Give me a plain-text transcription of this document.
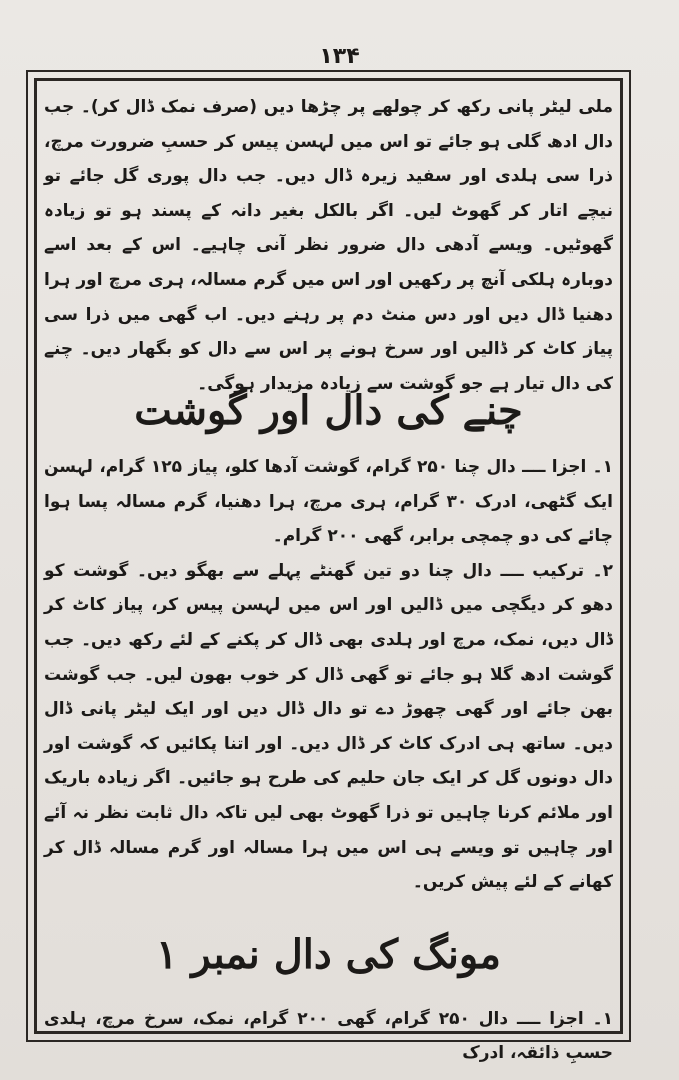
۱۳۴

ملی لیٹر پانی رکھ کر چولھے پر چڑھا دیں (صرف نمک ڈال کر)۔ جب دال ادھ گلی ہو جائے تو اس میں لہسن پیس کر حسبِ ضرورت مرچ، ذرا سی ہلدی اور سفید زیرہ ڈال دیں۔ جب دال پوری گل جائے تو نیچے اتار کر گھوٹ لیں۔ اگر بالکل بغیر دانہ کے پسند ہو تو زیادہ گھوٹیں۔ ویسے آدھی دال ضرور نظر آنی چاہیے۔ اس کے بعد اسے دوبارہ ہلکی آنچ پر رکھیں اور اس میں گرم مسالہ، ہری مرچ اور ہرا دھنیا ڈال دیں اور دس منٹ دم پر رہنے دیں۔ اب گھی میں ذرا سی پیاز کاٹ کر ڈالیں اور سرخ ہونے پر اس سے دال کو بگھار دیں۔ چنے کی دال تیار ہے جو گوشت سے زیادہ مزیدار ہوگی۔

چنے کی دال اور گوشت

۱۔ اجزا ــــ دال چنا ۲۵۰ گرام، گوشت آدھا کلو، پیاز ۱۲۵ گرام، لہسن ایک گٹھی، ادرک ۳۰ گرام، ہری مرچ، ہرا دھنیا، گرم مسالہ پسا ہوا چائے کی دو چمچی برابر، گھی ۲۰۰ گرام۔

۲۔ ترکیب ــــ دال چنا دو تین گھنٹے پہلے سے بھگو دیں۔ گوشت کو دھو کر دیگچی میں ڈالیں اور اس میں لہسن پیس کر، پیاز کاٹ کر ڈال دیں، نمک، مرچ اور ہلدی بھی ڈال کر پکنے کے لئے رکھ دیں۔ جب گوشت ادھ گلا ہو جائے تو گھی ڈال کر خوب بھون لیں۔ جب گوشت بھن جائے اور گھی چھوڑ دے تو دال ڈال دیں اور ایک لیٹر پانی ڈال دیں۔ ساتھ ہی ادرک کاٹ کر ڈال دیں۔ اور اتنا پکائیں کہ گوشت اور دال دونوں گل کر ایک جان حلیم کی طرح ہو جائیں۔ اگر زیادہ باریک اور ملائم کرنا چاہیں تو ذرا گھوٹ بھی لیں تاکہ دال ثابت نظر نہ آئے اور چاہیں تو ویسے ہی اس میں ہرا مسالہ اور گرم مسالہ ڈال کر کھانے کے لئے پیش کریں۔

مونگ کی دال نمبر ۱

۱۔ اجزا ــــ دال ۲۵۰ گرام، گھی ۲۰۰ گرام، نمک، سرخ مرچ، ہلدی حسبِ ذائقہ، ادرک
